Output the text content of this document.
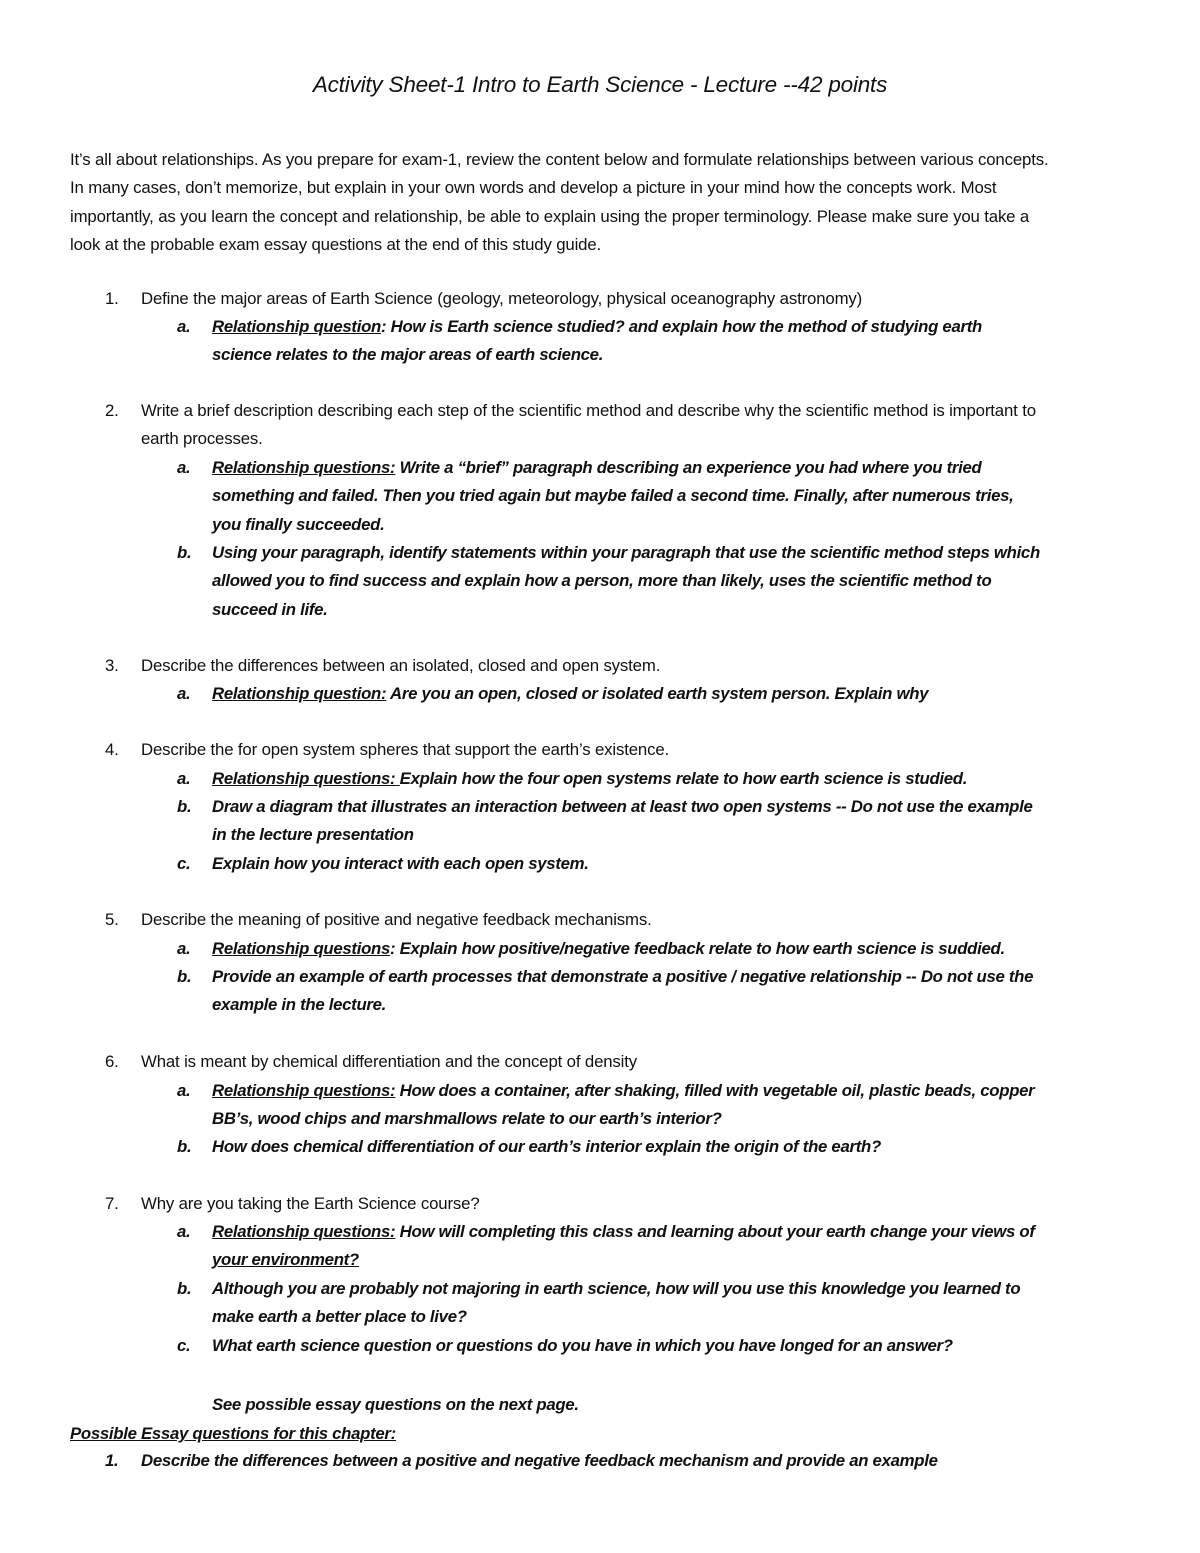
Activity Sheet-1 Intro to Earth Science - Lecture --42 points
It’s all about relationships. As you prepare for exam-1, review the content below and formulate relationships between various concepts.
In many cases, don’t memorize, but explain in your own words and develop a picture in your mind how the concepts work. Most
importantly, as you learn the concept and relationship, be able to explain using the proper terminology. Please make sure you take a
look at the probable exam essay questions at the end of this study guide.
1. Define the major areas of Earth Science (geology, meteorology, physical oceanography astronomy)
a. Relationship question: How is Earth science studied? and explain how the method of studying earth
science relates to the major areas of earth science.
2. Write a brief description describing each step of the scientific method and describe why the scientific method is important to
earth processes.
a. Relationship questions: Write a “brief” paragraph describing an experience you had where you tried
something and failed. Then you tried again but maybe failed a second time. Finally, after numerous tries,
you finally succeeded.
b. Using your paragraph, identify statements within your paragraph that use the scientific method steps which
allowed you to find success and explain how a person, more than likely, uses the scientific method to
succeed in life.
3. Describe the differences between an isolated, closed and open system.
a. Relationship question: Are you an open, closed or isolated earth system person. Explain why
4. Describe the for open system spheres that support the earth’s existence.
a. Relationship questions: Explain how the four open systems relate to how earth science is studied.
b. Draw a diagram that illustrates an interaction between at least two open systems -- Do not use the example
in the lecture presentation
c. Explain how you interact with each open system.
5. Describe the meaning of positive and negative feedback mechanisms.
a. Relationship questions: Explain how positive/negative feedback relate to how earth science is suddied.
b. Provide an example of earth processes that demonstrate a positive / negative relationship -- Do not use the
example in the lecture.
6. What is meant by chemical differentiation and the concept of density
a. Relationship questions: How does a container, after shaking, filled with vegetable oil, plastic beads, copper
BB’s, wood chips and marshmallows relate to our earth’s interior?
b. How does chemical differentiation of our earth’s interior explain the origin of the earth?
7. Why are you taking the Earth Science course?
a. Relationship questions: How will completing this class and learning about your earth change your views of
your environment?
b. Although you are probably not majoring in earth science, how will you use this knowledge you learned to
make earth a better place to live?
c. What earth science question or questions do you have in which you have longed for an answer?
See possible essay questions on the next page.
Possible Essay questions for this chapter:
1. Describe the differences between a positive and negative feedback mechanism and provide an example
